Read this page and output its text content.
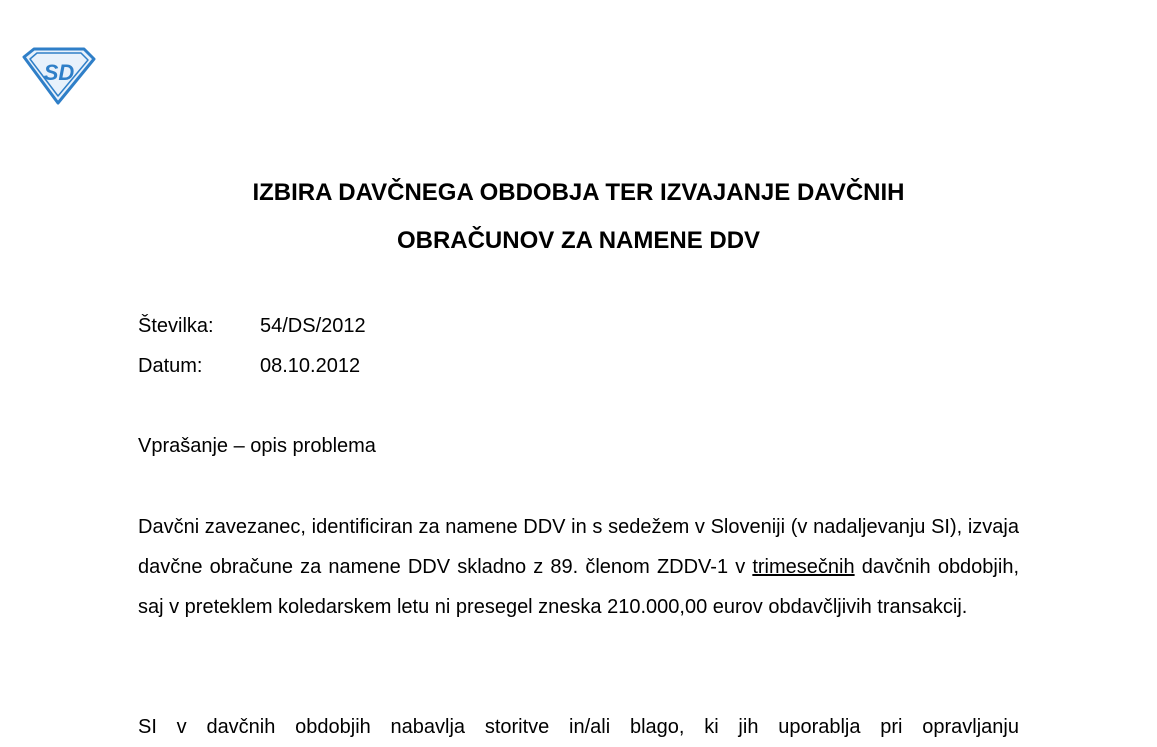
SD
IZBIRA DAVČNEGA OBDOBJA TER IZVAJANJE DAVČNIH
OBRAČUNOV ZA NAMENE DDV
Številka:	54/DS/2012
Datum:	08.10.2012

Vprašanje – opis problema

Davčni zavezanec, identificiran za namene DDV in s sedežem v Sloveniji (v nadaljevanju SI), izvaja davčne obračune za namene DDV skladno z 89. členom ZDDV-1 v trimesečnih davčnih obdobjih, saj v preteklem koledarskem letu ni presegel zneska 210.000,00 eurov obdavčljivih transakcij.

SI v davčnih obdobjih nabavlja storitve in/ali blago, ki jih uporablja pri opravljanju
